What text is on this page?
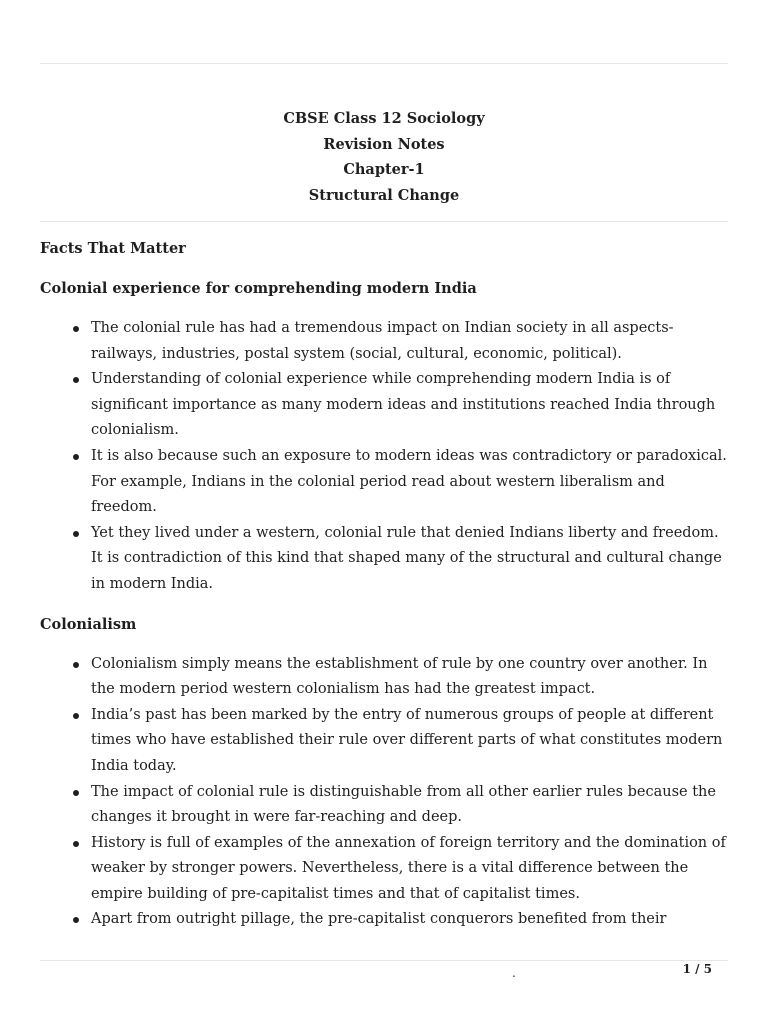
CBSE Class 12 Sociology
Revision Notes
Chapter-1
Structural Change
Facts That Matter
Colonial experience for comprehending modern India
The colonial rule has had a tremendous impact on Indian society in all aspects-railways, industries, postal system (social, cultural, economic, political).
Understanding of colonial experience while comprehending modern India is of significant importance as many modern ideas and institutions reached India through colonialism.
It is also because such an exposure to modern ideas was contradictory or paradoxical. For example, Indians in the colonial period read about western liberalism and freedom.
Yet they lived under a western, colonial rule that denied Indians liberty and freedom. It is contradiction of this kind that shaped many of the structural and cultural change in modern India.
Colonialism
Colonialism simply means the establishment of rule by one country over another. In the modern period western colonialism has had the greatest impact.
India’s past has been marked by the entry of numerous groups of people at different times who have established their rule over different parts of what constitutes modern India today.
The impact of colonial rule is distinguishable from all other earlier rules because the changes it brought in were far-reaching and deep.
History is full of examples of the annexation of foreign territory and the domination of weaker by stronger powers. Nevertheless, there is a vital difference between the empire building of pre-capitalist times and that of capitalist times.
Apart from outright pillage, the pre-capitalist conquerors benefited from their
.	1 / 5
